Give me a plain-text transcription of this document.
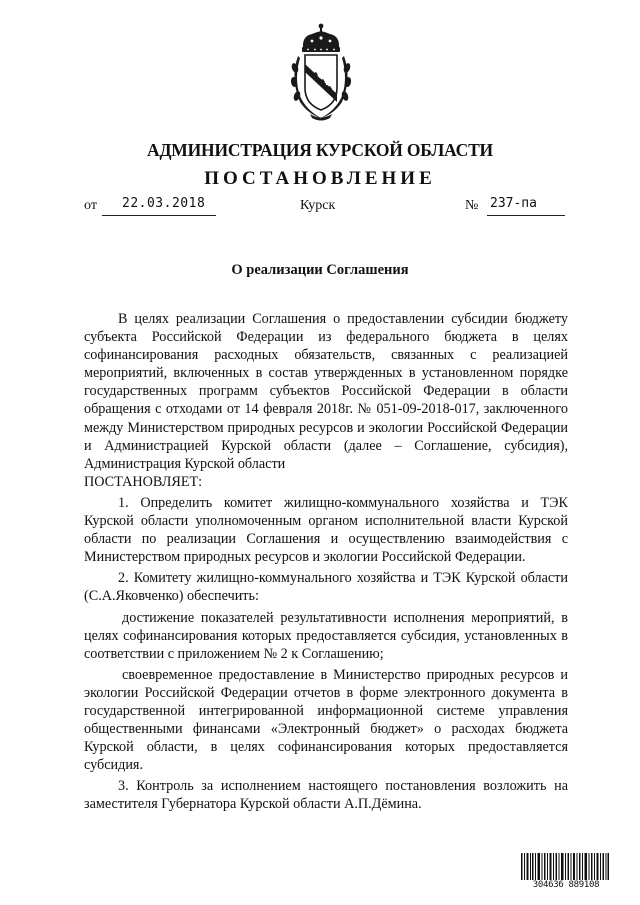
АДМИНИСТРАЦИЯ КУРСКОЙ ОБЛАСТИ
ПОСТАНОВЛЕНИЕ
от 22.03.2018	Курск	№ 237-па
О реализации Соглашения

В целях реализации Соглашения о предоставлении субсидии бюджету субъекта Российской Федерации из федерального бюджета в целях софинансирования расходных обязательств, связанных с реализацией мероприятий, включенных в состав утвержденных в установленном порядке государственных программ субъектов Российской Федерации в области обращения с отходами от 14 февраля 2018г. № 051-09-2018-017, заключенного между Министерством природных ресурсов и экологии Российской Федерации и Администрацией Курской области (далее – Соглашение, субсидия), Администрация Курской области

ПОСТАНОВЛЯЕТ:

1. Определить комитет жилищно-коммунального хозяйства и ТЭК Курской области уполномоченным органом исполнительной власти Курской области по реализации Соглашения и осуществлению взаимодействия с Министерством природных ресурсов и экологии Российской Федерации.

2. Комитету жилищно-коммунального хозяйства и ТЭК Курской области (С.А.Яковченко) обеспечить:

достижение показателей результативности исполнения мероприятий, в целях софинансирования которых предоставляется субсидия, установленных в соответствии с приложением № 2 к Соглашению;

своевременное предоставление в Министерство природных ресурсов и экологии Российской Федерации отчетов в форме электронного документа в государственной интегрированной информационной системе управления общественными финансами «Электронный бюджет» о расходах бюджета Курской области, в целях софинансирования которых предоставляется субсидия.

3. Контроль за исполнением настоящего постановления возложить на заместителя Губернатора Курской области А.П.Дёмина.

304636 889108
